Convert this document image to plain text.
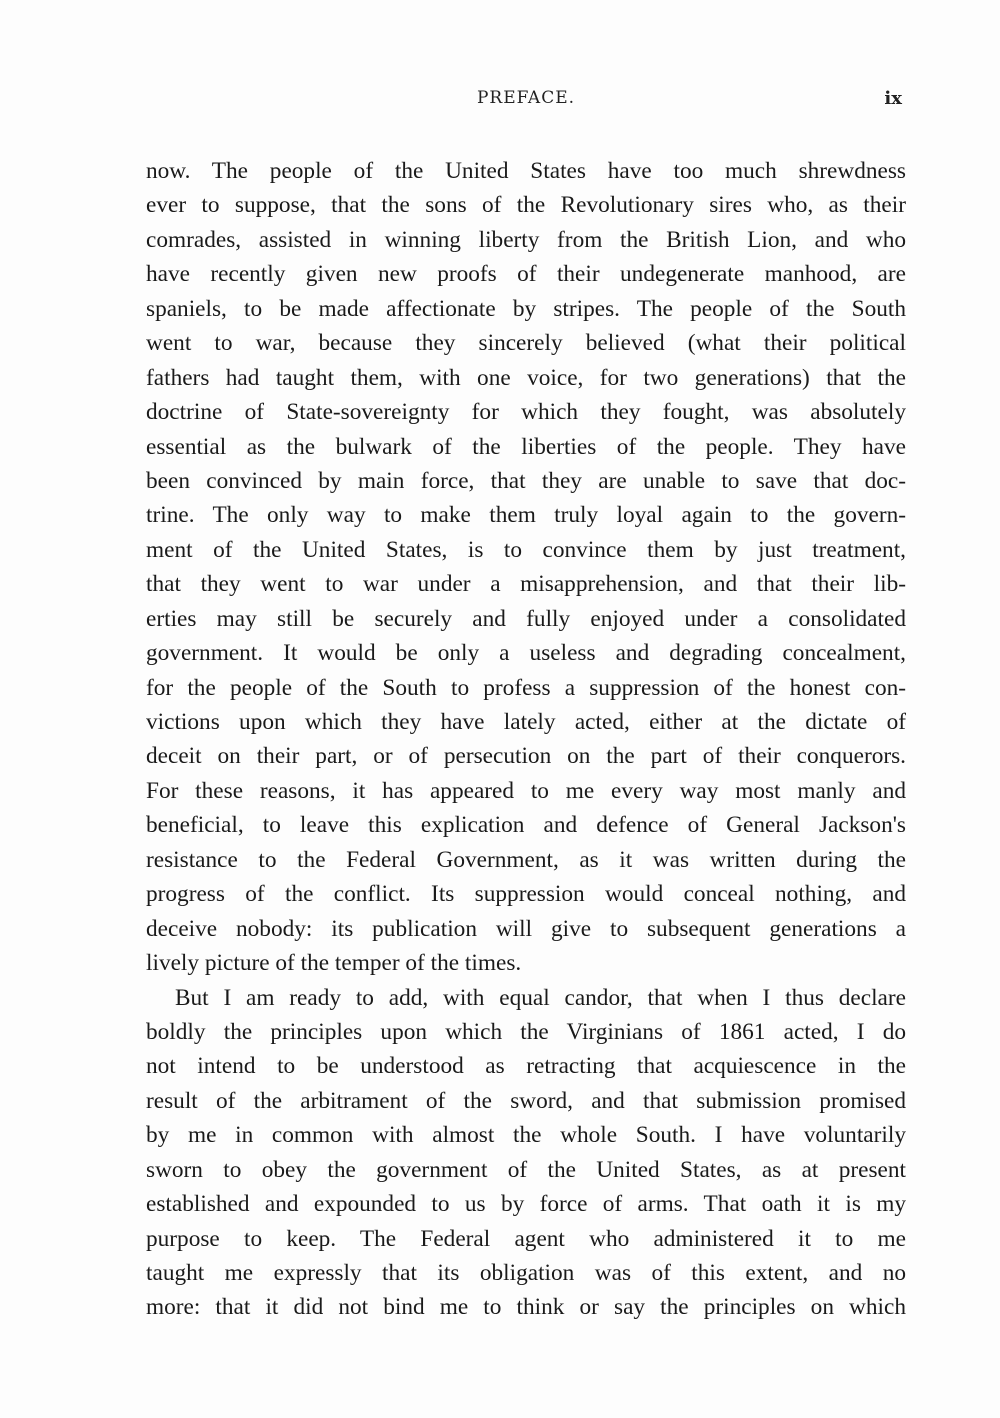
PREFACE.	ix
now. The people of the United States have too much shrewdness
ever to suppose, that the sons of the Revolutionary sires who, as their
comrades, assisted in winning liberty from the British Lion, and who
have recently given new proofs of their undegenerate manhood, are
spaniels, to be made affectionate by stripes. The people of the South
went to war, because they sincerely believed (what their political
fathers had taught them, with one voice, for two generations) that the
doctrine of State-sovereignty for which they fought, was absolutely
essential as the bulwark of the liberties of the people. They have
been convinced by main force, that they are unable to save that doc-
trine. The only way to make them truly loyal again to the govern-
ment of the United States, is to convince them by just treatment,
that they went to war under a misapprehension, and that their lib-
erties may still be securely and fully enjoyed under a consolidated
government. It would be only a useless and degrading concealment,
for the people of the South to profess a suppression of the honest con-
victions upon which they have lately acted, either at the dictate of
deceit on their part, or of persecution on the part of their conquerors.
For these reasons, it has appeared to me every way most manly and
beneficial, to leave this explication and defence of General Jackson's
resistance to the Federal Government, as it was written during the
progress of the conflict. Its suppression would conceal nothing, and
deceive nobody: its publication will give to subsequent generations a
lively picture of the temper of the times.
But I am ready to add, with equal candor, that when I thus declare
boldly the principles upon which the Virginians of 1861 acted, I do
not intend to be understood as retracting that acquiescence in the
result of the arbitrament of the sword, and that submission promised
by me in common with almost the whole South. I have voluntarily
sworn to obey the government of the United States, as at present
established and expounded to us by force of arms. That oath it is my
purpose to keep. The Federal agent who administered it to me
taught me expressly that its obligation was of this extent, and no
more: that it did not bind me to think or say the principles on which
